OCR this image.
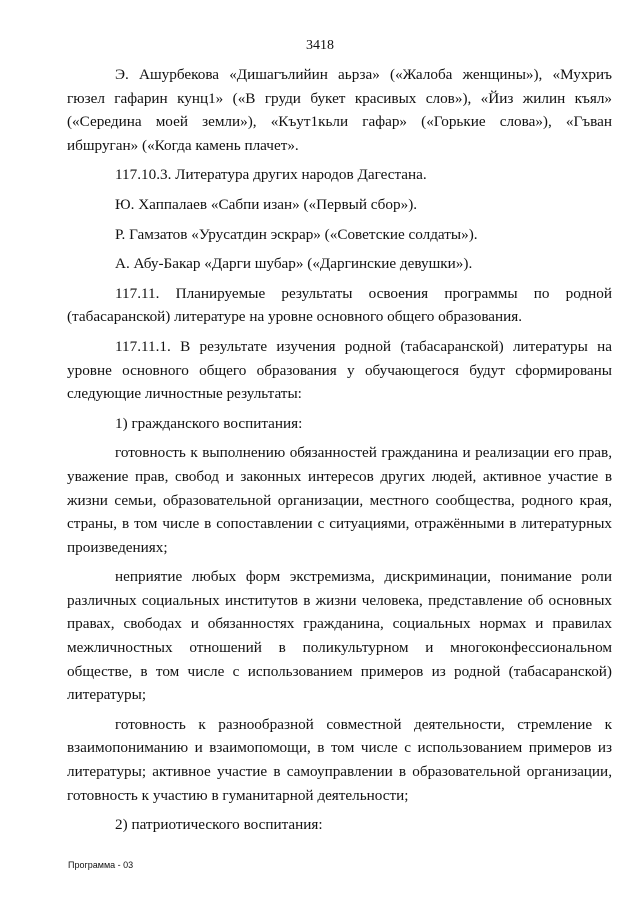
3418

Э. Ашурбекова «Дишагълийин аьрза» («Жалоба женщины»), «Мухриъ гюзел гафарин кунц1» («В груди букет красивых слов»), «Йиз жилин къял» («Середина моей земли»), «Къут1кьли гафар» («Горькие слова»), «Гъван ибшруган» («Когда камень плачет».

117.10.3. Литература других народов Дагестана.

Ю. Хаппалаев «Сабпи изан» («Первый сбор»).

Р. Гамзатов «Урусатдин эскрар» («Советские солдаты»).

А. Абу-Бакар «Дарги шубар» («Даргинские девушки»).

117.11. Планируемые результаты освоения программы по родной (табасаранской) литературе на уровне основного общего образования.

117.11.1. В результате изучения родной (табасаранской) литературы на уровне основного общего образования у обучающегося будут сформированы следующие личностные результаты:

1) гражданского воспитания:

готовность к выполнению обязанностей гражданина и реализации его прав, уважение прав, свобод и законных интересов других людей, активное участие в жизни семьи, образовательной организации, местного сообщества, родного края, страны, в том числе в сопоставлении с ситуациями, отражёнными в литературных произведениях;

неприятие любых форм экстремизма, дискриминации, понимание роли различных социальных институтов в жизни человека, представление об основных правах, свободах и обязанностях гражданина, социальных нормах и правилах межличностных отношений в поликультурном и многоконфессиональном обществе, в том числе с использованием примеров из родной (табасаранской) литературы;

готовность к разнообразной совместной деятельности, стремление к взаимопониманию и взаимопомощи, в том числе с использованием примеров из литературы; активное участие в самоуправлении в образовательной организации, готовность к участию в гуманитарной деятельности;

2) патриотического воспитания:

Программа - 03
